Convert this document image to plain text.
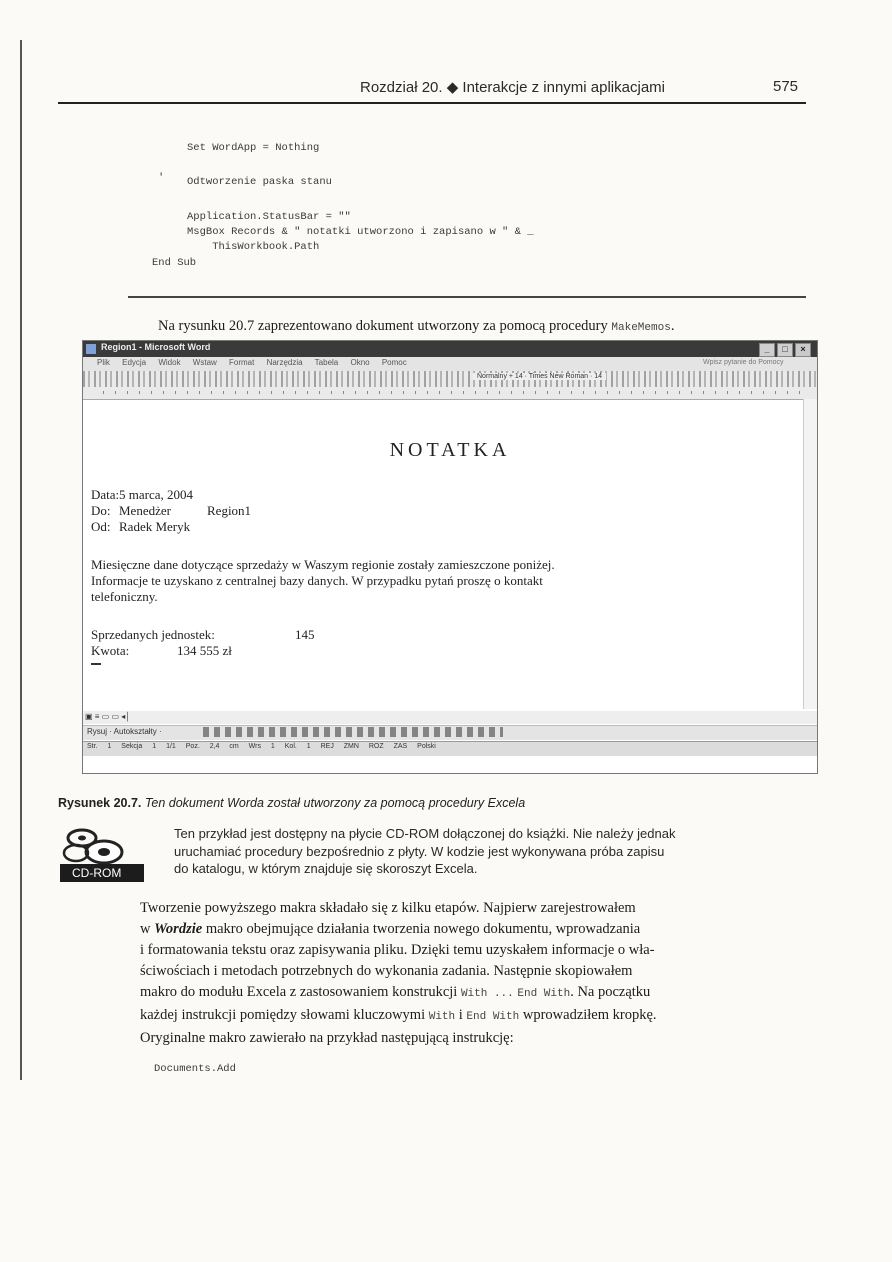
Rozdział 20. ◆ Interakcje z innymi aplikacjami	575
Set WordApp = Nothing
' Odtworzenie paska stanu
Application.StatusBar = ""
MsgBox Records & " notatki utworzono i zapisano w " & _
ThisWorkbook.Path
End Sub
Na rysunku 20.7 zaprezentowano dokument utworzony za pomocą procedury MakeMemos.
Region1 - Microsoft Word	_	□	×
Plik Edycja Widok Wstaw Format Narzędzia Tabela Okno Pomoc	Wpisz pytanie do Pomocy
Normalny + 14 · Times New Roman · 14
NOTATKA
Data: 5 marca, 2004
Do: Menedżer	Region1
Od: Radek Meryk
Miesięczne dane dotyczące sprzedaży w Waszym regionie zostały zamieszczone poniżej.
Informacje te uzyskano z centralnej bazy danych. W przypadku pytań proszę o kontakt
telefoniczny.
Sprzedanych jednostek:	145
Kwota:	134 555 zł
▣ ≡ ▭ ▭ ◂│
Rysuj · Autokształty ·
Str. 1 Sekcja 1 1/1 Poz. 2,4 cm Wrs 1 Kol. 1 REJ ZMN ROZ ZAS Polski
Rysunek 20.7. Ten dokument Worda został utworzony za pomocą procedury Excela
CD-ROM
Ten przykład jest dostępny na płycie CD-ROM dołączonej do książki. Nie należy jednak
uruchamiać procedury bezpośrednio z płyty. W kodzie jest wykonywana próba zapisu
do katalogu, w którym znajduje się skoroszyt Excela.
Tworzenie powyższego makra składało się z kilku etapów. Najpierw zarejestrowałem
w Wordzie makro obejmujące działania tworzenia nowego dokumentu, wprowadzania
i formatowania tekstu oraz zapisywania pliku. Dzięki temu uzyskałem informacje o wła-
ściwościach i metodach potrzebnych do wykonania zadania. Następnie skopiowałem
makro do modułu Excela z zastosowaniem konstrukcji With ... End With. Na początku
każdej instrukcji pomiędzy słowami kluczowymi With i End With wprowadziłem kropkę.
Oryginalne makro zawierało na przykład następującą instrukcję:
Documents.Add
